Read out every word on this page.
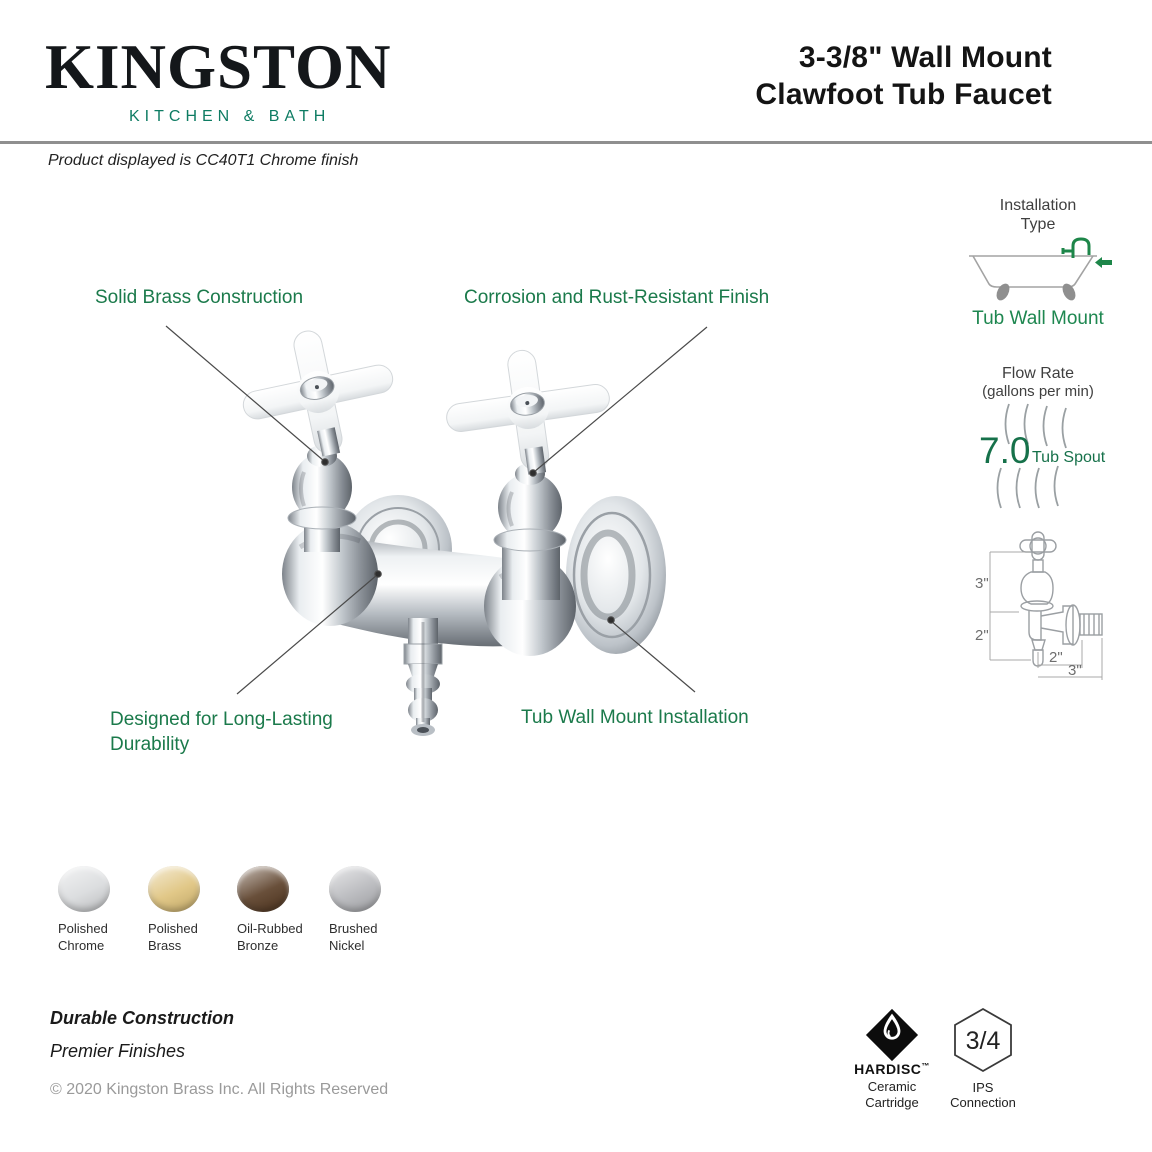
KINGSTON
KITCHEN & BATH
3-3/8" Wall Mount
Clawfoot Tub Faucet
Product displayed is CC40T1 Chrome finish
Solid Brass Construction	Corrosion and Rust-Resistant Finish
Designed for Long-Lasting
Durability
Tub Wall Mount Installation
Installation
Type
Tub Wall Mount
Flow Rate
(gallons per min)
7.0 Tub Spout
3"
2"
2"
3"
Polished
Chrome
Polished
Brass
Oil-Rubbed
Bronze
Brushed
Nickel
Durable Construction
Premier Finishes
© 2020 Kingston Brass Inc. All Rights Reserved
HARDISC™
Ceramic
Cartridge
3/4
IPS
Connection
